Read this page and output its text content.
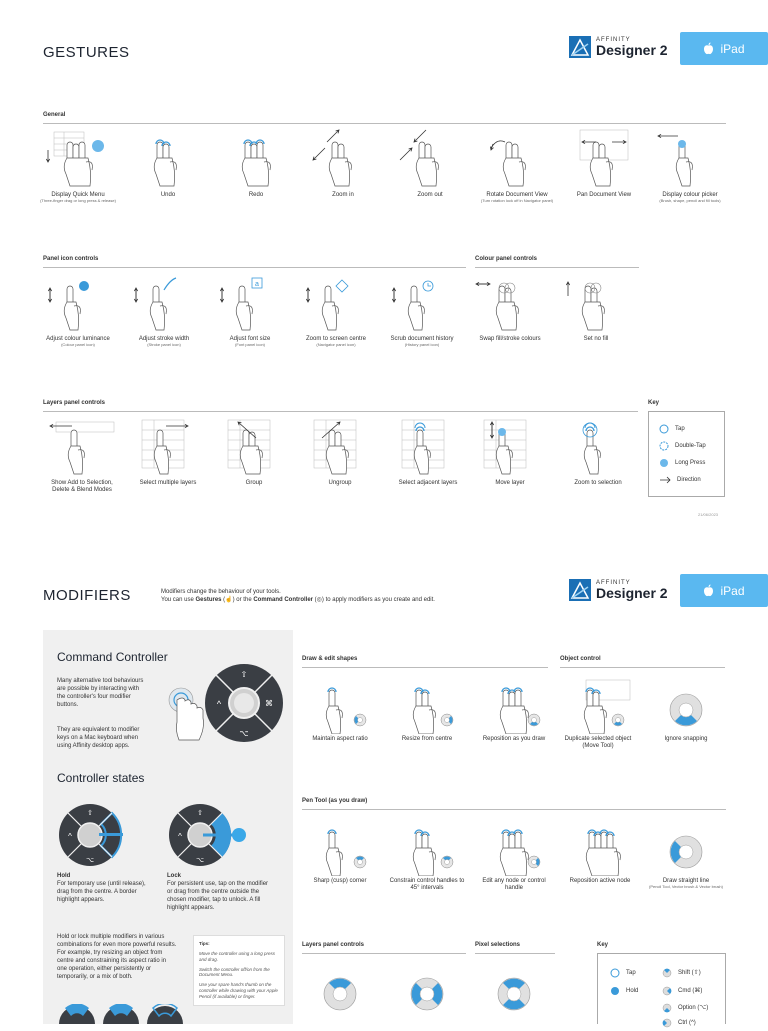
GESTURES
AFFINITY
Designer 2	iPad
General
Display Quick Menu
(Three-finger drag or long press & release)
Undo	Redo	Zoom in	Zoom out	Rotate Document View
(Turn rotation lock off in Navigator panel)
Pan Document View	Display colour picker
(Brush, shape, pencil and fill tools)
Panel icon controls	Colour panel controls
Adjust colour luminance
(Colour panel icon)
Adjust stroke width
(Stroke panel icon)
a
Adjust font size
(Font panel icon)
Zoom to screen centre
(Navigator panel icon)
Scrub document history
(History panel icon)
Swap fill/stroke colours	Set no fill
Layers panel controls
Show Add to Selection, Delete & Blend Modes
Select multiple layers	Group	Ungroup	Select adjacent layers	Move layer	Zoom to selection
Key
Tap
Double-Tap
Long Press
Direction
21/06/2023
MODIFIERS	Modifiers change the behaviour of your tools.
You can use Gestures (☝) or the Command Controller (◎) to apply modifiers as you create and edit.
AFFINITY
Designer 2	iPad
Command Controller
Many alternative tool behaviours are possible by interacting with the controller's four modifier buttons.
They are equivalent to modifier keys on a Mac keyboard when using Affinity desktop apps.
⇧
⌘
⌥
^
Controller states
⇧
⌥
^
⇧
⌥
^
Hold
For temporary use (until release), drag from the centre. A border highlight appears.
Lock
For persistent use, tap on the modifier or drag from the centre outside the chosen modifier, tap to unlock. A fill highlight appears.
Hold or lock multiple modifiers in various combinations for even more powerful results. For example, try resizing an object from centre and constraining its aspect ratio in one operation, either persistently or temporarily, or a mix of both.
Tips:
Move the controller using a long press and drag.
Switch the controller off/on from the Document Menu.
Use your spare hand's thumb on the controller while drawing with your Apple Pencil (if available) or finger.
Draw & edit shapes	Object control
Maintain aspect ratio	Resize from centre	Reposition as you draw	Duplicate selected object (Move Tool)
Ignore snapping
Pen Tool (as you draw)
Sharp (cusp) corner	Constrain control handles to 45° intervals
Edit any node or control handle
Reposition active node	Draw straight line
(Pencil Tool, Vector brush & Vector brush)
Layers panel controls	Pixel selections	Key
Tap
Hold
Shift (⇧)
Cmd (⌘)
Option (⌥)
Ctrl (^)
